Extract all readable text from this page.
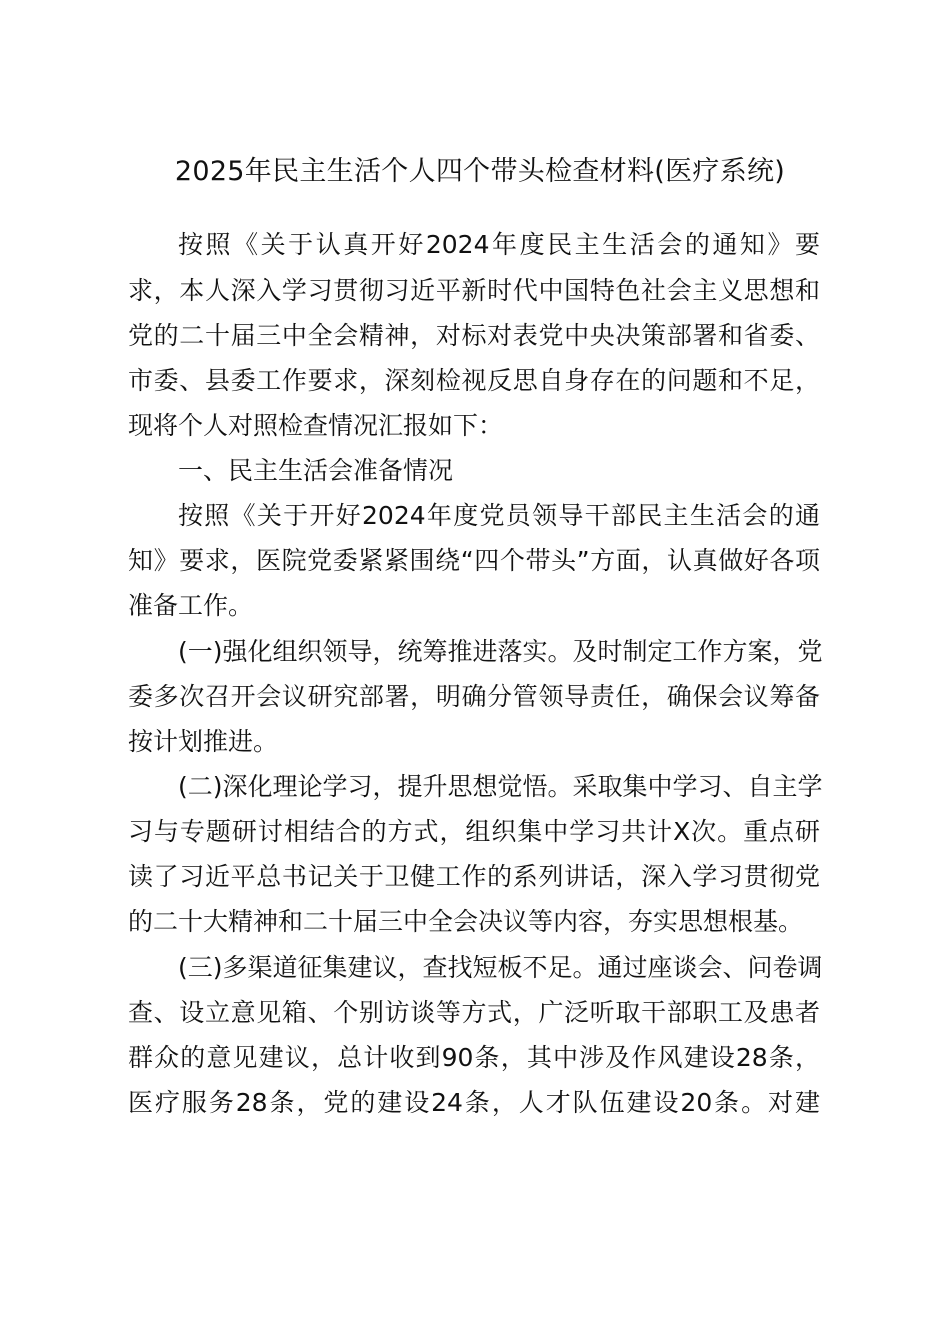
2025年民主生活个人四个带头检查材料(医疗系统)
按照《关于认真开好2024年度民主生活会的通知》要
求，本人深入学习贯彻习近平新时代中国特色社会主义思想和
党的二十届三中全会精神，对标对表党中央决策部署和省委、
市委、县委工作要求，深刻检视反思自身存在的问题和不足，
现将个人对照检查情况汇报如下：
一、民主生活会准备情况
按照《关于开好2024年度党员领导干部民主生活会的通
知》要求，医院党委紧紧围绕“四个带头”方面，认真做好各项
准备工作。
(一)强化组织领导，统筹推进落实。及时制定工作方案，党
委多次召开会议研究部署，明确分管领导责任，确保会议筹备
按计划推进。
(二)深化理论学习，提升思想觉悟。采取集中学习、自主学
习与专题研讨相结合的方式，组织集中学习共计X次。重点研
读了习近平总书记关于卫健工作的系列讲话，深入学习贯彻党
的二十大精神和二十届三中全会决议等内容，夯实思想根基。
(三)多渠道征集建议，查找短板不足。通过座谈会、问卷调
查、设立意见箱、个别访谈等方式，广泛听取干部职工及患者
群众的意见建议，总计收到90条，其中涉及作风建设28条，
医疗服务28条，党的建设24条，人才队伍建设20条。对建
